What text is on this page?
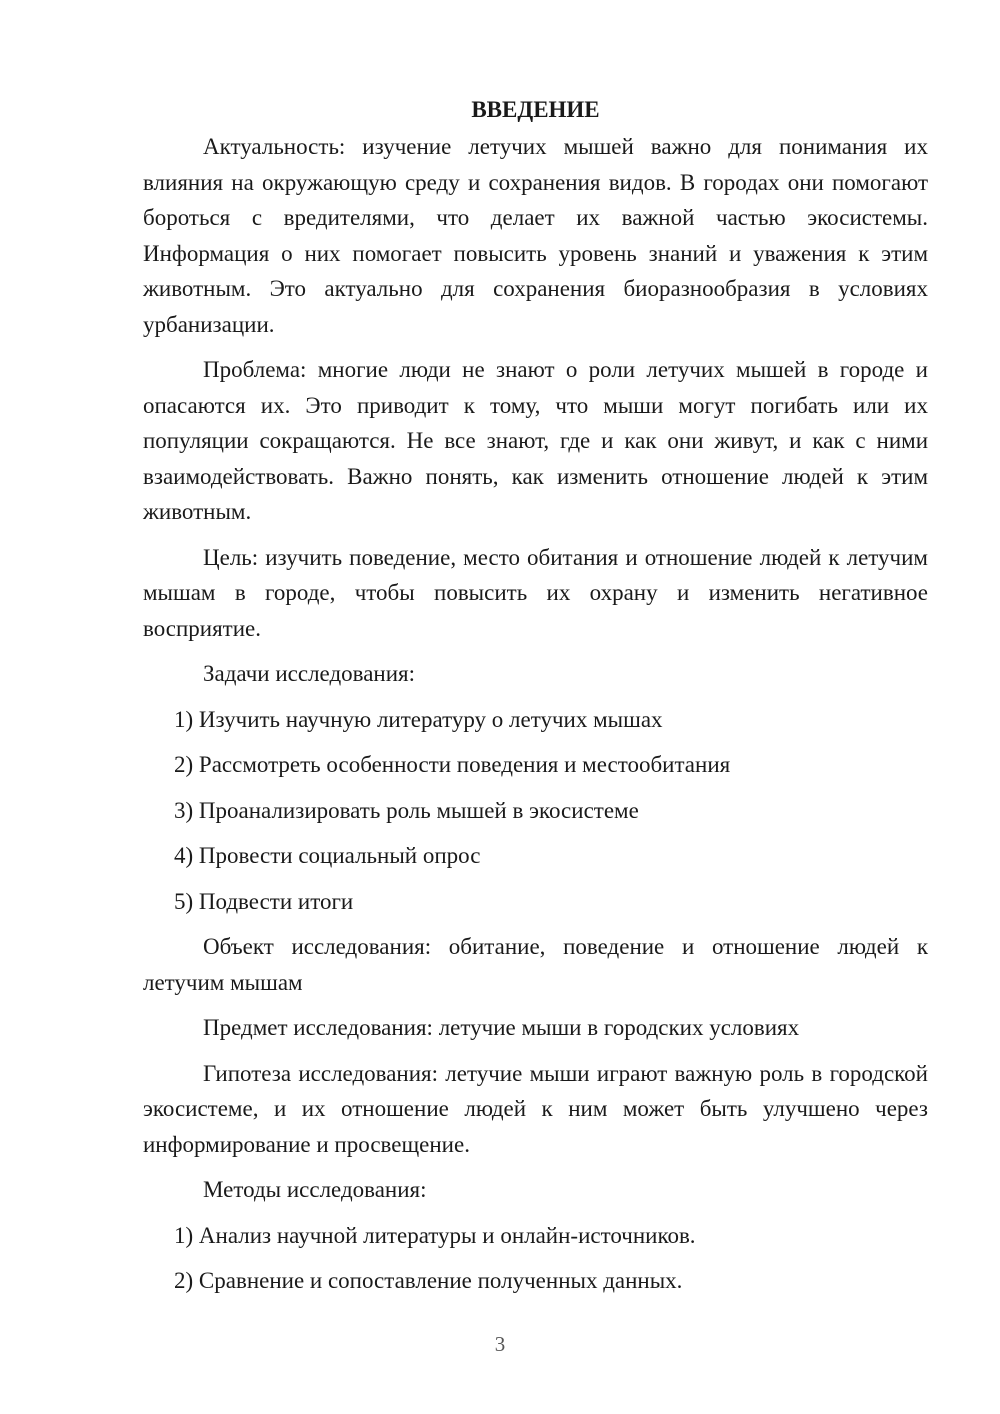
ВВЕДЕНИЕ

Актуальность: изучение летучих мышей важно для понимания их влияния на окружающую среду и сохранения видов. В городах они помогают бороться с вредителями, что делает их важной частью экосистемы. Информация о них помогает повысить уровень знаний и уважения к этим животным. Это актуально для сохранения биоразнообразия в условиях урбанизации.

Проблема: многие люди не знают о роли летучих мышей в городе и опасаются их. Это приводит к тому, что мыши могут погибать или их популяции сокращаются. Не все знают, где и как они живут, и как с ними взаимодействовать. Важно понять, как изменить отношение людей к этим животным.

Цель: изучить поведение, место обитания и отношение людей к летучим мышам в городе, чтобы повысить их охрану и изменить негативное восприятие.

Задачи исследования:

1) Изучить научную литературу о летучих мышах
2) Рассмотреть особенности поведения и местообитания
3) Проанализировать роль мышей в экосистеме
4) Провести социальный опрос
5) Подвести итоги

Объект исследования: обитание, поведение и отношение людей к летучим мышам

Предмет исследования: летучие мыши в городских условиях

Гипотеза исследования: летучие мыши играют важную роль в городской экосистеме, и их отношение людей к ним может быть улучшено через информирование и просвещение.

Методы исследования:

1) Анализ научной литературы и онлайн-источников.
2) Сравнение и сопоставление полученных данных.
3
